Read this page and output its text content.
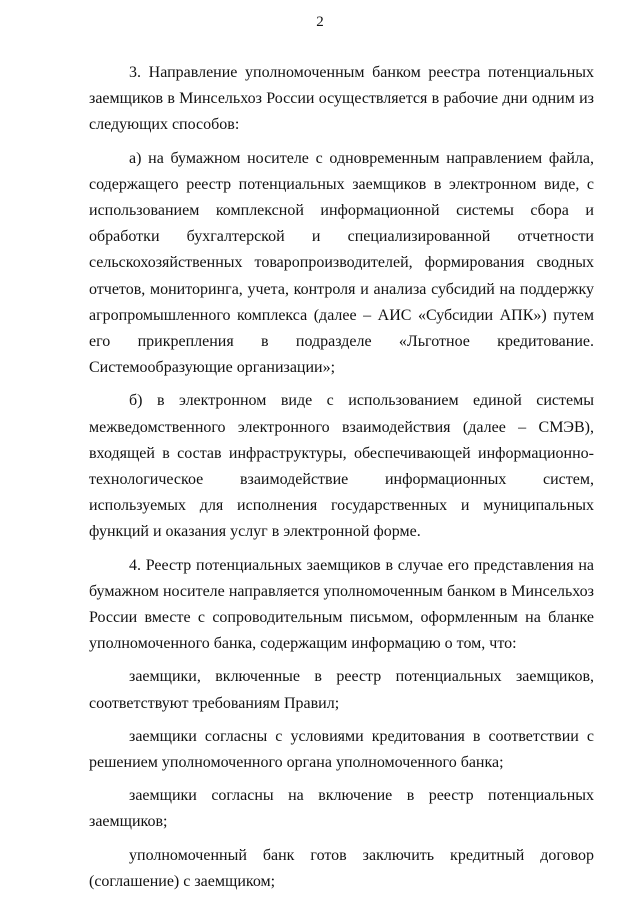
2

3. Направление уполномоченным банком реестра потенциальных заемщиков в Минсельхоз России осуществляется в рабочие дни одним из следующих способов:

а) на бумажном носителе с одновременным направлением файла, содержащего реестр потенциальных заемщиков в электронном виде, с использованием комплексной информационной системы сбора и обработки бухгалтерской и специализированной отчетности сельскохозяйственных товаропроизводителей, формирования сводных отчетов, мониторинга, учета, контроля и анализа субсидий на поддержку агропромышленного комплекса (далее – АИС «Субсидии АПК») путем его прикрепления в подразделе «Льготное кредитование. Системообразующие организации»;

б) в электронном виде с использованием единой системы межведомственного электронного взаимодействия (далее – СМЭВ), входящей в состав инфраструктуры, обеспечивающей информационно-технологическое взаимодействие информационных систем, используемых для исполнения государственных и муниципальных функций и оказания услуг в электронной форме.

4. Реестр потенциальных заемщиков в случае его представления на бумажном носителе направляется уполномоченным банком в Минсельхоз России вместе с сопроводительным письмом, оформленным на бланке уполномоченного банка, содержащим информацию о том, что:

заемщики, включенные в реестр потенциальных заемщиков, соответствуют требованиям Правил;

заемщики согласны с условиями кредитования в соответствии с решением уполномоченного органа уполномоченного банка;

заемщики согласны на включение в реестр потенциальных заемщиков;

уполномоченный банк готов заключить кредитный договор (соглашение) с заемщиком;
